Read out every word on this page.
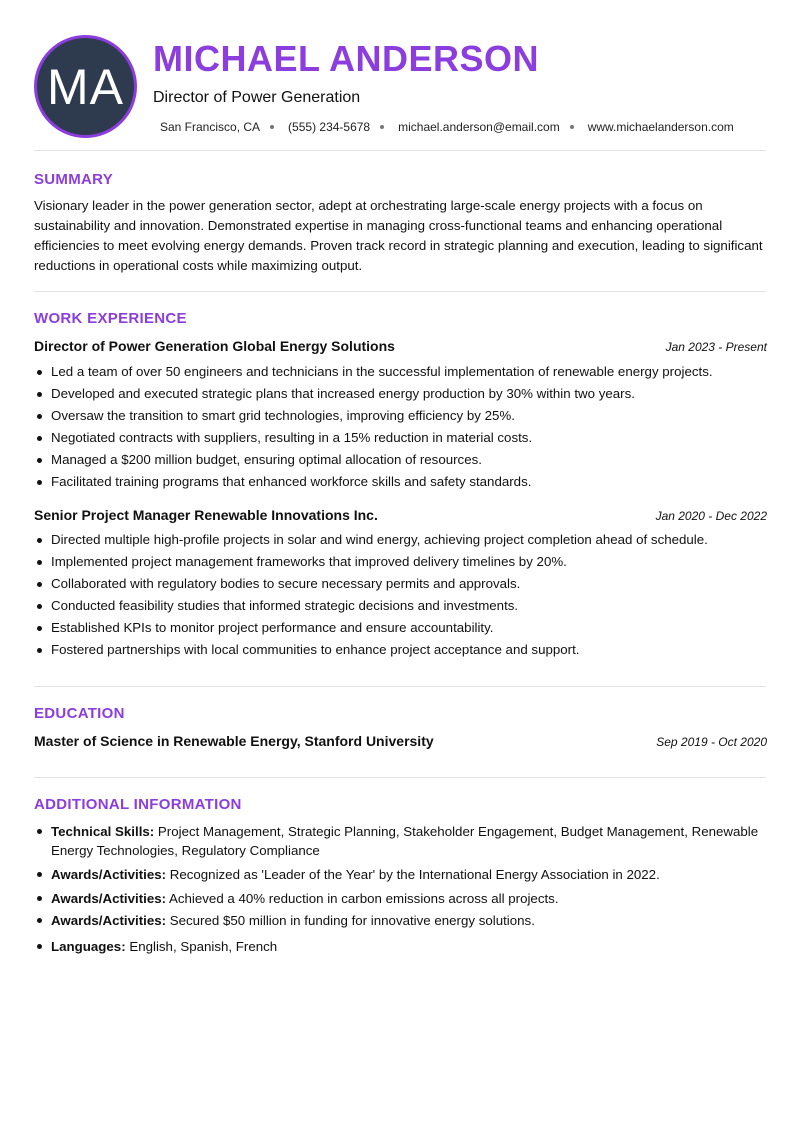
MA MICHAEL ANDERSON
Director of Power Generation
San Francisco, CA (555) 234-5678 michael.anderson@email.com www.michaelanderson.com
SUMMARY
Visionary leader in the power generation sector, adept at orchestrating large-scale energy projects with a focus on sustainability and innovation. Demonstrated expertise in managing cross-functional teams and enhancing operational efficiencies to meet evolving energy demands. Proven track record in strategic planning and execution, leading to significant reductions in operational costs while maximizing output.
WORK EXPERIENCE
Director of Power Generation Global Energy Solutions	Jan 2023 - Present
Led a team of over 50 engineers and technicians in the successful implementation of renewable energy projects.
Developed and executed strategic plans that increased energy production by 30% within two years.
Oversaw the transition to smart grid technologies, improving efficiency by 25%.
Negotiated contracts with suppliers, resulting in a 15% reduction in material costs.
Managed a $200 million budget, ensuring optimal allocation of resources.
Facilitated training programs that enhanced workforce skills and safety standards.
Senior Project Manager Renewable Innovations Inc.	Jan 2020 - Dec 2022
Directed multiple high-profile projects in solar and wind energy, achieving project completion ahead of schedule.
Implemented project management frameworks that improved delivery timelines by 20%.
Collaborated with regulatory bodies to secure necessary permits and approvals.
Conducted feasibility studies that informed strategic decisions and investments.
Established KPIs to monitor project performance and ensure accountability.
Fostered partnerships with local communities to enhance project acceptance and support.
EDUCATION
Master of Science in Renewable Energy, Stanford University	Sep 2019 - Oct 2020
ADDITIONAL INFORMATION
Technical Skills: Project Management, Strategic Planning, Stakeholder Engagement, Budget Management, Renewable Energy Technologies, Regulatory Compliance
Awards/Activities: Recognized as 'Leader of the Year' by the International Energy Association in 2022.
Awards/Activities: Achieved a 40% reduction in carbon emissions across all projects.
Awards/Activities: Secured $50 million in funding for innovative energy solutions.
Languages: English, Spanish, French
